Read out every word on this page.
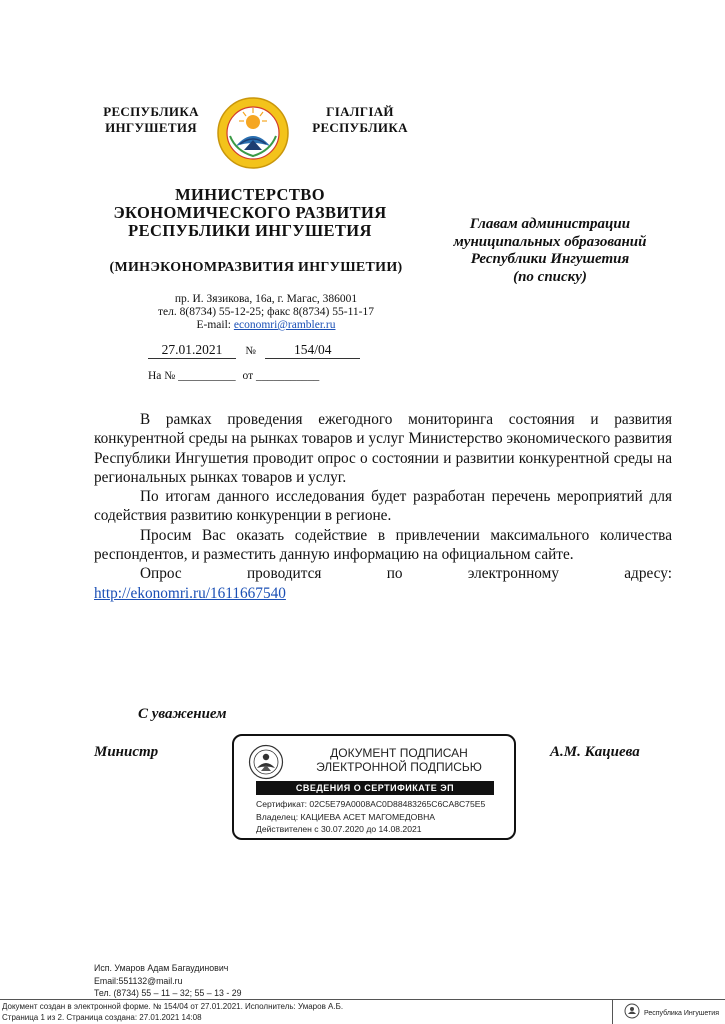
РЕСПУБЛИКА
ИНГУШЕТИЯ
ГIАЛГIАЙ
РЕСПУБЛИКА
МИНИСТЕРСТВО
ЭКОНОМИЧЕСКОГО РАЗВИТИЯ
РЕСПУБЛИКИ ИНГУШЕТИЯ
(МИНЭКОНОМРАЗВИТИЯ ИНГУШЕТИИ)
пр. И. Зязикова, 16а, г. Магас, 386001
тел. 8(8734) 55-12-25; факс 8(8734) 55-11-17
E-mail: economri@rambler.ru
27.01.2021 №	154/04
На № __________ от ___________
Главам администрации
муниципальных образований
Республики Ингушетия
(по списку)

В рамках проведения ежегодного мониторинга состояния и развития конкурентной среды на рынках товаров и услуг Министерство экономического развития Республики Ингушетия проводит опрос о состоянии и развитии конкурентной среды на региональных рынках товаров и услуг.

По итогам данного исследования будет разработан перечень мероприятий для содействия развитию конкуренции в регионе.

Просим Вас оказать содействие в привлечении максимального количества респондентов, и разместить данную информацию на официальном сайте.

Опрос	проводится	по	электронному	адресу:

http://ekonomri.ru/1611667540

С уважением
Министр	А.М. Кациева
ДОКУМЕНТ ПОДПИСАН
ЭЛЕКТРОННОЙ ПОДПИСЬЮ
СВЕДЕНИЯ О СЕРТИФИКАТЕ ЭП
Сертификат: 02C5E79A0008AC0D88483265C6CA8C75E5
Владелец: КАЦИЕВА АСЕТ МАГОМЕДОВНА
Действителен с 30.07.2020 до 14.08.2021
Исп. Умаров Адам Багаудинович
Email:551132@mail.ru
Тел. (8734) 55 – 11 – 32; 55 – 13 - 29
Документ создан в электронной форме. № 154/04 от 27.01.2021. Исполнитель: Умаров А.Б.
Страница 1 из 2. Страница создана: 27.01.2021 14:08	Республика Ингушетия
